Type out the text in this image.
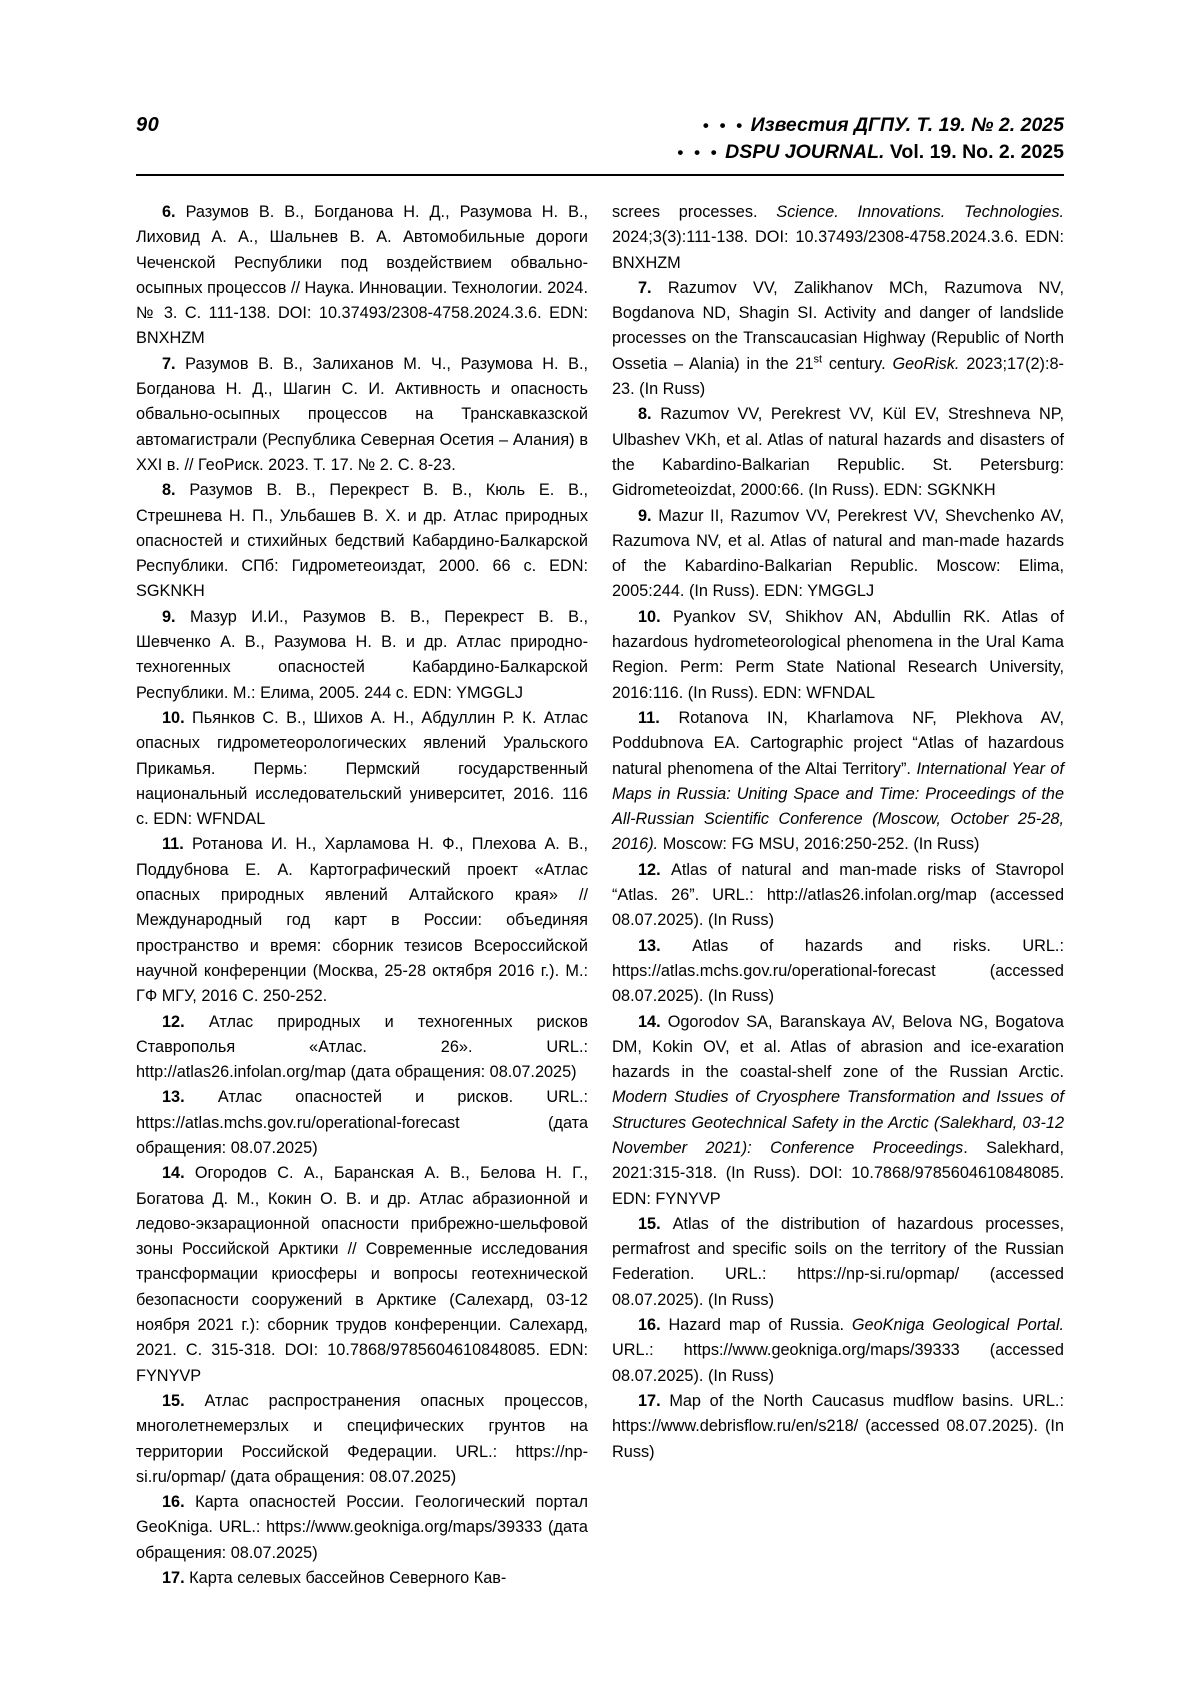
90	• • • Известия ДГПУ. Т. 19. № 2. 2025
• • • DSPU JOURNAL. Vol. 19. No. 2. 2025

6. Разумов В. В., Богданова Н. Д., Разумова Н. В., Лиховид А. А., Шальнев В. А. Автомобильные дороги Чеченской Республики под воздействием обвально-осыпных процессов // Наука. Инновации. Технологии. 2024. № 3. С. 111-138. DOI: 10.37493/2308-4758.2024.3.6. EDN: BNXHZM

7. Разумов В. В., Залиханов М. Ч., Разумова Н. В., Богданова Н. Д., Шагин С. И. Активность и опасность обвально-осыпных процессов на Транскавказской автомагистрали (Республика Северная Осетия – Алания) в XXI в. // ГеоРиск. 2023. Т. 17. № 2. С. 8-23.

8. Разумов В. В., Перекрест В. В., Кюль Е. В., Стрешнева Н. П., Ульбашев В. Х. и др. Атлас природных опасностей и стихийных бедствий Кабардино-Балкарской Республики. СПб: Гидрометеоиздат, 2000. 66 с. EDN: SGKNKH

9. Мазур И.И., Разумов В. В., Перекрест В. В., Шевченко А. В., Разумова Н. В. и др. Атлас природно-техногенных опасностей Кабардино-Балкарской Республики. М.: Елима, 2005. 244 с. EDN: YMGGLJ

10. Пьянков С. В., Шихов А. Н., Абдуллин Р. К. Атлас опасных гидрометеорологических явлений Уральского Прикамья. Пермь: Пермский государственный национальный исследовательский университет, 2016. 116 с. EDN: WFNDAL

11. Ротанова И. Н., Харламова Н. Ф., Плехова А. В., Поддубнова Е. А. Картографический проект «Атлас опасных природных явлений Алтайского края» // Международный год карт в России: объединяя пространство и время: сборник тезисов Всероссийской научной конференции (Москва, 25-28 октября 2016 г.). М.: ГФ МГУ, 2016 С. 250-252.

12. Атлас природных и техногенных рисков Ставрополья «Атлас. 26». URL.: http://atlas26.infolan.org/map (дата обращения: 08.07.2025)

13. Атлас опасностей и рисков. URL.: https://atlas.mchs.gov.ru/operational-forecast (дата обращения: 08.07.2025)

14. Огородов С. А., Баранская А. В., Белова Н. Г., Богатова Д. М., Кокин О. В. и др. Атлас абразионной и ледово-экзарационной опасности прибрежно-шельфовой зоны Российской Арктики // Современные исследования трансформации криосферы и вопросы геотехнической безопасности сооружений в Арктике (Салехард, 03-12 ноября 2021 г.): сборник трудов конференции. Салехард, 2021. С. 315-318. DOI: 10.7868/9785604610848085. EDN: FYNYVP

15. Атлас распространения опасных процессов, многолетнемерзлых и специфических грунтов на территории Российской Федерации. URL.: https://np-si.ru/opmap/ (дата обращения: 08.07.2025)

16. Карта опасностей России. Геологический портал GeoKniga. URL.: https://www.geokniga.org/maps/39333 (дата обращения: 08.07.2025)

17. Карта селевых бассейнов Северного Кав-

screes processes. Science. Innovations. Technologies. 2024;3(3):111-138. DOI: 10.37493/2308-4758.2024.3.6. EDN: BNXHZM

7. Razumov VV, Zalikhanov MCh, Razumova NV, Bogdanova ND, Shagin SI. Activity and danger of landslide processes on the Transcaucasian Highway (Republic of North Ossetia – Alania) in the 21st century. GeoRisk. 2023;17(2):8-23. (In Russ)

8. Razumov VV, Perekrest VV, Kül EV, Streshneva NP, Ulbashev VKh, et al. Atlas of natural hazards and disasters of the Kabardino-Balkarian Republic. St. Petersburg: Gidrometeoizdat, 2000:66. (In Russ). EDN: SGKNKH

9. Mazur II, Razumov VV, Perekrest VV, Shevchenko AV, Razumova NV, et al. Atlas of natural and man-made hazards of the Kabardino-Balkarian Republic. Moscow: Elima, 2005:244. (In Russ). EDN: YMGGLJ

10. Pyankov SV, Shikhov AN, Abdullin RK. Atlas of hazardous hydrometeorological phenomena in the Ural Kama Region. Perm: Perm State National Research University, 2016:116. (In Russ). EDN: WFNDAL

11. Rotanova IN, Kharlamova NF, Plekhova AV, Poddubnova EA. Cartographic project “Atlas of hazardous natural phenomena of the Altai Territory”. International Year of Maps in Russia: Uniting Space and Time: Proceedings of the All-Russian Scientific Conference (Moscow, October 25-28, 2016). Moscow: FG MSU, 2016:250-252. (In Russ)

12. Atlas of natural and man-made risks of Stavropol “Atlas. 26”. URL.: http://atlas26.infolan.org/map (accessed 08.07.2025). (In Russ)

13. Atlas of hazards and risks. URL.: https://atlas.mchs.gov.ru/operational-forecast (accessed 08.07.2025). (In Russ)

14. Ogorodov SA, Baranskaya AV, Belova NG, Bogatova DM, Kokin OV, et al. Atlas of abrasion and ice-exaration hazards in the coastal-shelf zone of the Russian Arctic. Modern Studies of Cryosphere Transformation and Issues of Structures Geotechnical Safety in the Arctic (Salekhard, 03-12 November 2021): Conference Proceedings. Salekhard, 2021:315-318. (In Russ). DOI: 10.7868/9785604610848085. EDN: FYNYVP

15. Atlas of the distribution of hazardous processes, permafrost and specific soils on the territory of the Russian Federation. URL.: https://np-si.ru/opmap/ (accessed 08.07.2025). (In Russ)

16. Hazard map of Russia. GeoKniga Geological Portal. URL.: https://www.geokniga.org/maps/39333 (accessed 08.07.2025). (In Russ)

17. Map of the North Caucasus mudflow basins. URL.: https://www.debrisflow.ru/en/s218/ (accessed 08.07.2025). (In Russ)
